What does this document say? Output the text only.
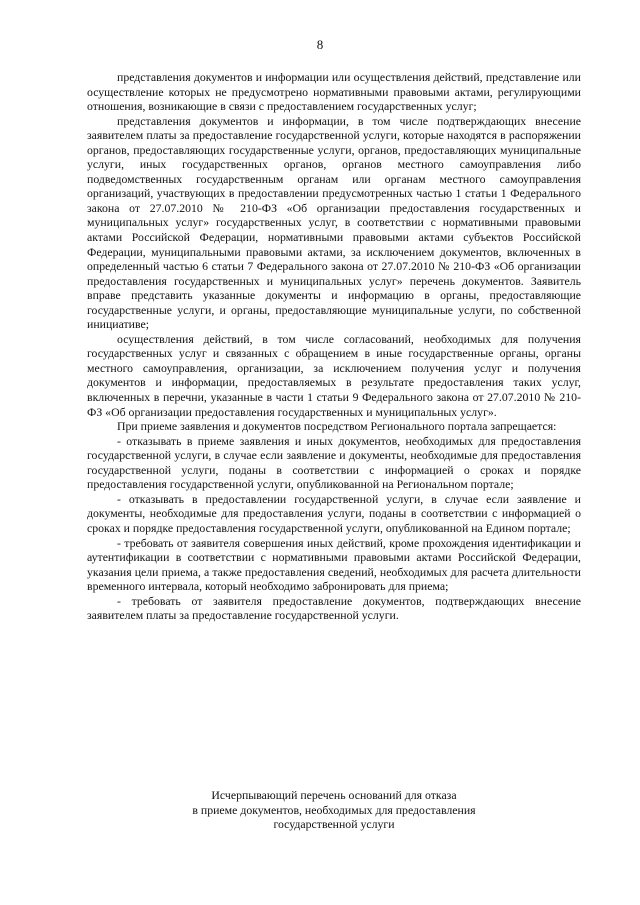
8

представления документов и информации или осуществления действий, представление или осуществление которых не предусмотрено нормативными правовыми актами, регулирующими отношения, возникающие в связи с предоставлением государственных услуг;

представления документов и информации, в том числе подтверждающих внесение заявителем платы за предоставление государственной услуги, которые находятся в распоряжении органов, предоставляющих государственные услуги, органов, предоставляющих муниципальные услуги, иных государственных органов, органов местного самоуправления либо подведомственных государственным органам или органам местного самоуправления организаций, участвующих в предоставлении предусмотренных частью 1 статьи 1 Федерального закона от 27.07.2010 № 210-ФЗ «Об организации предоставления государственных и муниципальных услуг» государственных услуг, в соответствии с нормативными правовыми актами Российской Федерации, нормативными правовыми актами субъектов Российской Федерации, муниципальными правовыми актами, за исключением документов, включенных в определенный частью 6 статьи 7 Федерального закона от 27.07.2010 № 210-ФЗ «Об организации предоставления государственных и муниципальных услуг» перечень документов. Заявитель вправе представить указанные документы и информацию в органы, предоставляющие государственные услуги, и органы, предоставляющие муниципальные услуги, по собственной инициативе;

осуществления действий, в том числе согласований, необходимых для получения государственных услуг и связанных с обращением в иные государственные органы, органы местного самоуправления, организации, за исключением получения услуг и получения документов и информации, предоставляемых в результате предоставления таких услуг, включенных в перечни, указанные в части 1 статьи 9 Федерального закона от 27.07.2010 № 210-ФЗ «Об организации предоставления государственных и муниципальных услуг».

При приеме заявления и документов посредством Регионального портала запрещается:

- отказывать в приеме заявления и иных документов, необходимых для предоставления государственной услуги, в случае если заявление и документы, необходимые для предоставления государственной услуги, поданы в соответствии с информацией о сроках и порядке предоставления государственной услуги, опубликованной на Региональном портале;

- отказывать в предоставлении государственной услуги, в случае если заявление и документы, необходимые для предоставления услуги, поданы в соответствии с информацией о сроках и порядке предоставления государственной услуги, опубликованной на Едином портале;

- требовать от заявителя совершения иных действий, кроме прохождения идентификации и аутентификации в соответствии с нормативными правовыми актами Российской Федерации, указания цели приема, а также предоставления сведений, необходимых для расчета длительности временного интервала, который необходимо забронировать для приема;

- требовать от заявителя предоставление документов, подтверждающих внесение заявителем платы за предоставление государственной услуги.

Исчерпывающий перечень оснований для отказа
в приеме документов, необходимых для предоставления
государственной услуги
